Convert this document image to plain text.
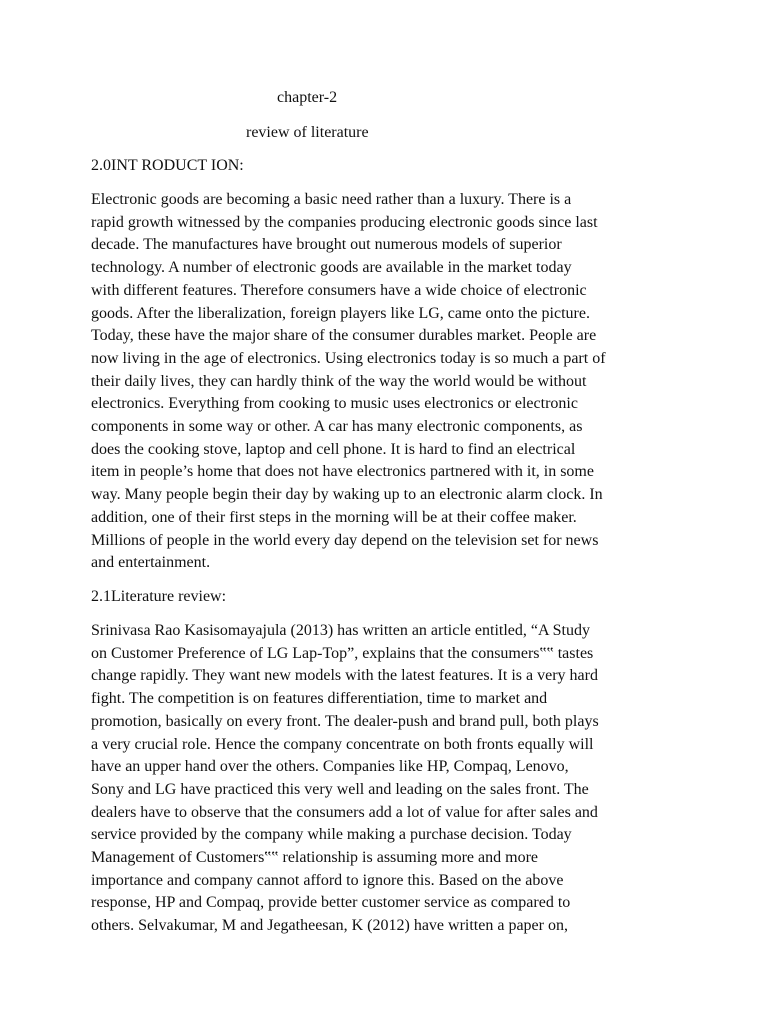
chapter-2
review of literature
2.0INT RODUCT ION:

Electronic goods are becoming a basic need rather than a luxury. There is a
rapid growth witnessed by the companies producing electronic goods since last
decade. The manufactures have brought out numerous models of superior
technology. A number of electronic goods are available in the market today
with different features. Therefore consumers have a wide choice of electronic
goods. After the liberalization, foreign players like LG, came onto the picture.
Today, these have the major share of the consumer durables market. People are
now living in the age of electronics. Using electronics today is so much a part of
their daily lives, they can hardly think of the way the world would be without
electronics. Everything from cooking to music uses electronics or electronic
components in some way or other. A car has many electronic components, as
does the cooking stove, laptop and cell phone. It is hard to find an electrical
item in people’s home that does not have electronics partnered with it, in some
way. Many people begin their day by waking up to an electronic alarm clock. In
addition, one of their first steps in the morning will be at their coffee maker.
Millions of people in the world every day depend on the television set for news
and entertainment.

2.1Literature review:

Srinivasa Rao Kasisomayajula (2013) has written an article entitled, “A Study
on Customer Preference of LG Lap-Top”, explains that the consumers‟‟ tastes
change rapidly. They want new models with the latest features. It is a very hard
fight. The competition is on features differentiation, time to market and
promotion, basically on every front. The dealer-push and brand pull, both plays
a very crucial role. Hence the company concentrate on both fronts equally will
have an upper hand over the others. Companies like HP, Compaq, Lenovo,
Sony and LG have practiced this very well and leading on the sales front. The
dealers have to observe that the consumers add a lot of value for after sales and
service provided by the company while making a purchase decision. Today
Management of Customers‟‟ relationship is assuming more and more
importance and company cannot afford to ignore this. Based on the above
response, HP and Compaq, provide better customer service as compared to
others. Selvakumar, M and Jegatheesan, K (2012) have written a paper on,
